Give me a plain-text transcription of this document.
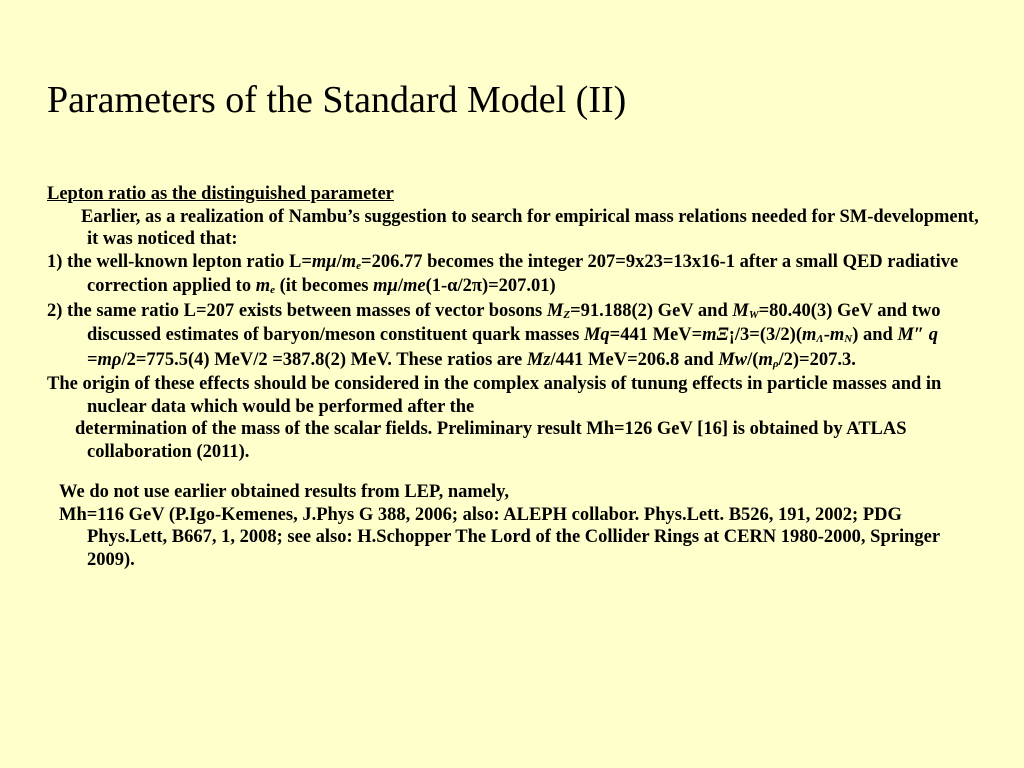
Parameters of the Standard Model (II)

Lepton ratio as the distinguished parameter

Earlier, as a realization of Nambu’s suggestion to search for empirical mass relations needed for SM-development, it was noticed that:

1) the well-known lepton ratio $L=m\mu/m_e=206.77$ becomes the integer 207=9x23=13x16-1 after a small QED radiative correction applied to $m_e$ (it becomes mμ/me(1-α/2π)=207.01)

2) the same ratio L=207 exists between masses of vector bosons $M_Z=91.188(2)$ GeV and $M_W=80.40(3)$ GeV and two discussed estimates of baryon/meson constituent quark masses Mq=441 $MeV=m\Xi¡/3=(3/2)(m_\Lambda-m_N)$ and M″ q =mρ/2=775.5(4) MeV/2 =387.8(2) MeV. These ratios are Mz/441 MeV=206.8 and $Mw/(m_\rho/2)=207.3$.

The origin of these effects should be considered in the complex analysis of tunung effects in particle masses and in nuclear data which would be performed after the

determination of the mass of the scalar fields. Preliminary result Mh=126 GeV [16] is obtained by ATLAS collaboration (2011).

We do not use earlier obtained results from LEP, namely,

Mh=116 GeV (P.Igo-Kemenes, J.Phys G 388, 2006; also: ALEPH collabor. Phys.Lett. B526, 191, 2002; PDG Phys.Lett, B667, 1, 2008; see also: H.Schopper The Lord of the Collider Rings at CERN 1980-2000, Springer 2009).
